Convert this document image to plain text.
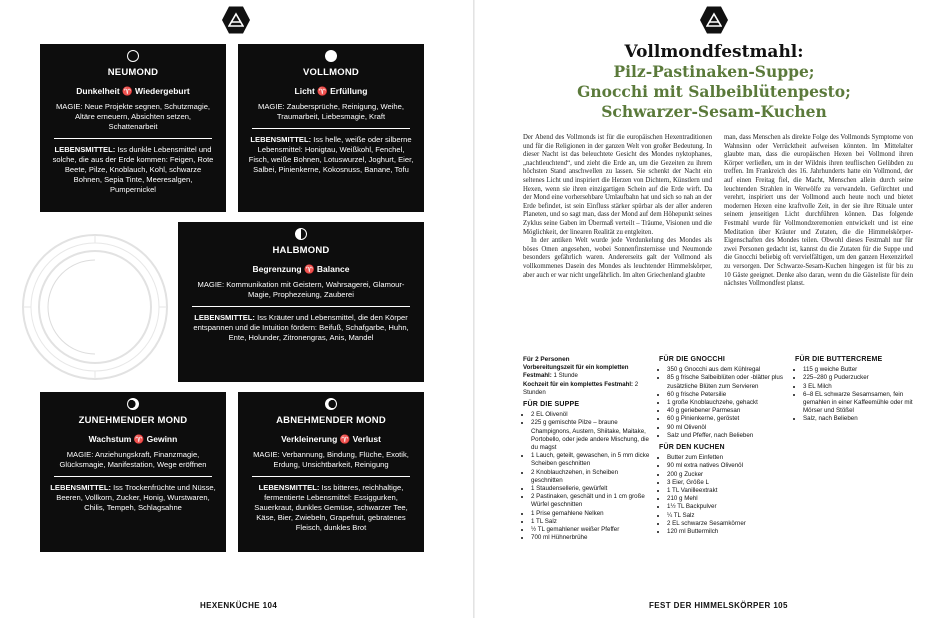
NEUMOND
Dunkelheit ♈ Wiedergeburt
MAGIE: Neue Projekte segnen, Schutzmagie, Altäre erneuern, Absichten setzen, Schattenarbeit
LEBENSMITTEL: Iss dunkle Lebensmittel und solche, die aus der Erde kommen: Feigen, Rote Beete, Pilze, Knoblauch, Kohl, schwarze Bohnen, Sepia Tinte, Meeresalgen, Pumpernickel
VOLLMOND
Licht ♈ Erfüllung
MAGIE: Zaubersprüche, Reinigung, Weihe, Traumarbeit, Liebesmagie, Kraft
LEBENSMITTEL: Iss helle, weiße oder silberne Lebensmittel: Honigtau, Weißkohl, Fenchel, Fisch, weiße Bohnen, Lotuswurzel, Joghurt, Eier, Salbei, Pinienkerne, Kokosnuss, Banane, Tofu
HALBMOND
Begrenzung ♈ Balance
MAGIE: Kommunikation mit Geistern, Wahrsagerei, Glamour-Magie, Prophezeiung, Zauberei
LEBENSMITTEL: Iss Kräuter und Lebensmittel, die den Körper entspannen und die Intuition fördern: Beifuß, Schafgarbe, Huhn, Ente, Holunder, Zitronengras, Anis, Mandel
ZUNEHMENDER MOND
Wachstum ♈ Gewinn
MAGIE: Anziehungskraft, Finanzmagie, Glücksmagie, Manifestation, Wege eröffnen
LEBENSMITTEL: Iss Trockenfrüchte und Nüsse, Beeren, Vollkorn, Zucker, Honig, Wurstwaren, Chilis, Tempeh, Schlagsahne
ABNEHMENDER MOND
Verkleinerung ♈ Verlust
MAGIE: Verbannung, Bindung, Flüche, Exotik, Erdung, Unsichtbarkeit, Reinigung
LEBENSMITTEL: Iss bitteres, reichhaltige, fermentierte Lebensmittel: Essiggurken, Sauerkraut, dunkles Gemüse, schwarzer Tee, Käse, Bier, Zwiebeln, Grapefruit, gebratenes Fleisch, dunkles Brot
HEXENKÜCHE 104
Vollmondfestmahl:
Pilz-Pastinaken-Suppe;
Gnocchi mit Salbeiblütenpesto;
Schwarzer-Sesam-Kuchen

Der Abend des Vollmonds ist für die europäischen Hexentraditionen und für die Religionen in der ganzen Welt von großer Bedeutung. In dieser Nacht ist das beleuchtete Gesicht des Mondes nyktophanes, „nachtleuchtend“, und zieht die Erde an, um die Gezeiten zu ihrem höchsten Stand anschwellen zu lassen. Sie schenkt der Nacht ein seltenes Licht und inspiriert die Herzen von Dichtern, Künstlern und Hexen, wenn sie ihren einzigartigen Schein auf die Erde wirft. Da der Mond eine vorhersehbare Umlaufbahn hat und sich so nah an der Erde befindet, ist sein Einfluss stärker spürbar als der aller anderen Planeten, und so sagt man, dass der Mond auf dem Höhepunkt seines Zyklus seine Gaben im Übermaß verteilt – Träume, Visionen und die Möglichkeit, der linearen Realität zu entgleiten.

In der antiken Welt wurde jede Verdunkelung des Mondes als böses Omen angesehen, wobei Sonnenfinsternisse und Neumonde besonders gefährlich waren. Andererseits galt der Vollmond als vollkommenes Dasein des Mondes als leuchtender Himmelskörper, aber auch er war nicht ungefährlich. Im alten Griechenland glaubte

man, dass Menschen als direkte Folge des Vollmonds Symptome von Wahnsinn oder Verrücktheit aufweisen könnten. Im Mittelalter glaubte man, dass die europäischen Hexen bei Vollmond ihren Körper verließen, um in der Wildnis ihren teuflischen Gelübden zu treffen. Im Frankreich des 16. Jahrhunderts hatte ein Vollmond, der auf einen Freitag fiel, die Macht, Menschen allein durch seine leuchtenden Strahlen in Werwölfe zu verwandeln. Gefürchtet und verehrt, inspiriert uns der Vollmond auch heute noch und bietet modernen Hexen eine kraftvolle Zeit, in der sie ihre Rituale unter seinem jenseitigen Licht durchführen können. Das folgende Festmahl wurde für Vollmondzeremonien entwickelt und ist eine Meditation über Kräuter und Zutaten, die die Himmelskörper-Eigenschaften des Mondes teilen. Obwohl dieses Festmahl nur für zwei Personen gedacht ist, kannst du die Zutaten für die Suppe und die Gnocchi beliebig oft vervielfältigen, um den ganzen Hexenzirkel zu versorgen. Der Schwarze-Sesam-Kuchen hingegen ist für bis zu 10 Gäste geeignet. Denke also daran, wenn du die Gästeliste für dein nächstes Vollmondfest planst.

Für 2 Personen
Vorbereitungszeit für ein kompletten Festmahl: 1 Stunde
Kochzeit für ein komplettes Festmahl: 2 Stunden
FÜR DIE SUPPE
• 2 EL Olivenöl
• 225 g gemischte Pilze – braune Champignons, Austern, Shiitake, Maitake, Portobello, oder jede andere Mischung, die du magst
• 1 Lauch, geteilt, gewaschen, in 5 mm dicke Scheiben geschnitten
• 2 Knoblauchzehen, in Scheiben geschnitten
• 1 Staudensellerie, gewürfelt
• 2 Pastinaken, geschält und in 1 cm große Würfel geschnitten
• 1 Prise gemahlene Nelken
• 1 TL Salz
• ½ TL gemahlener weißer Pfeffer
• 700 ml Hühnerbrühe
FÜR DIE GNOCCHI
• 350 g Gnocchi aus dem Kühlregal
• 85 g frische Salbeiblüten oder -blätter plus zusätzliche Blüten zum Servieren
• 60 g frische Petersilie
• 1 große Knoblauchzehe, gehackt
• 40 g geriebener Parmesan
• 60 g Pinienkerne, geröstet
• 90 ml Olivenöl
• Salz und Pfeffer, nach Belieben
FÜR DEN KUCHEN
• Butter zum Einfetten
• 90 ml extra natives Olivenöl
• 200 g Zucker
• 3 Eier, Größe L
• 1 TL Vanilleextrakt
• 210 g Mehl
• 1½ TL Backpulver
• ¼ TL Salz
• 2 EL schwarze Sesamkörner
• 120 ml Buttermilch
FÜR DIE BUTTERCREME
• 115 g weiche Butter
• 225–280 g Puderzucker
• 3 EL Milch
• 6–8 EL schwarze Sesamsamen, fein gemahlen in einer Kaffeemühle oder mit Mörser und Stößel
• Salz, nach Belieben
FEST DER HIMMELSKÖRPER 105
